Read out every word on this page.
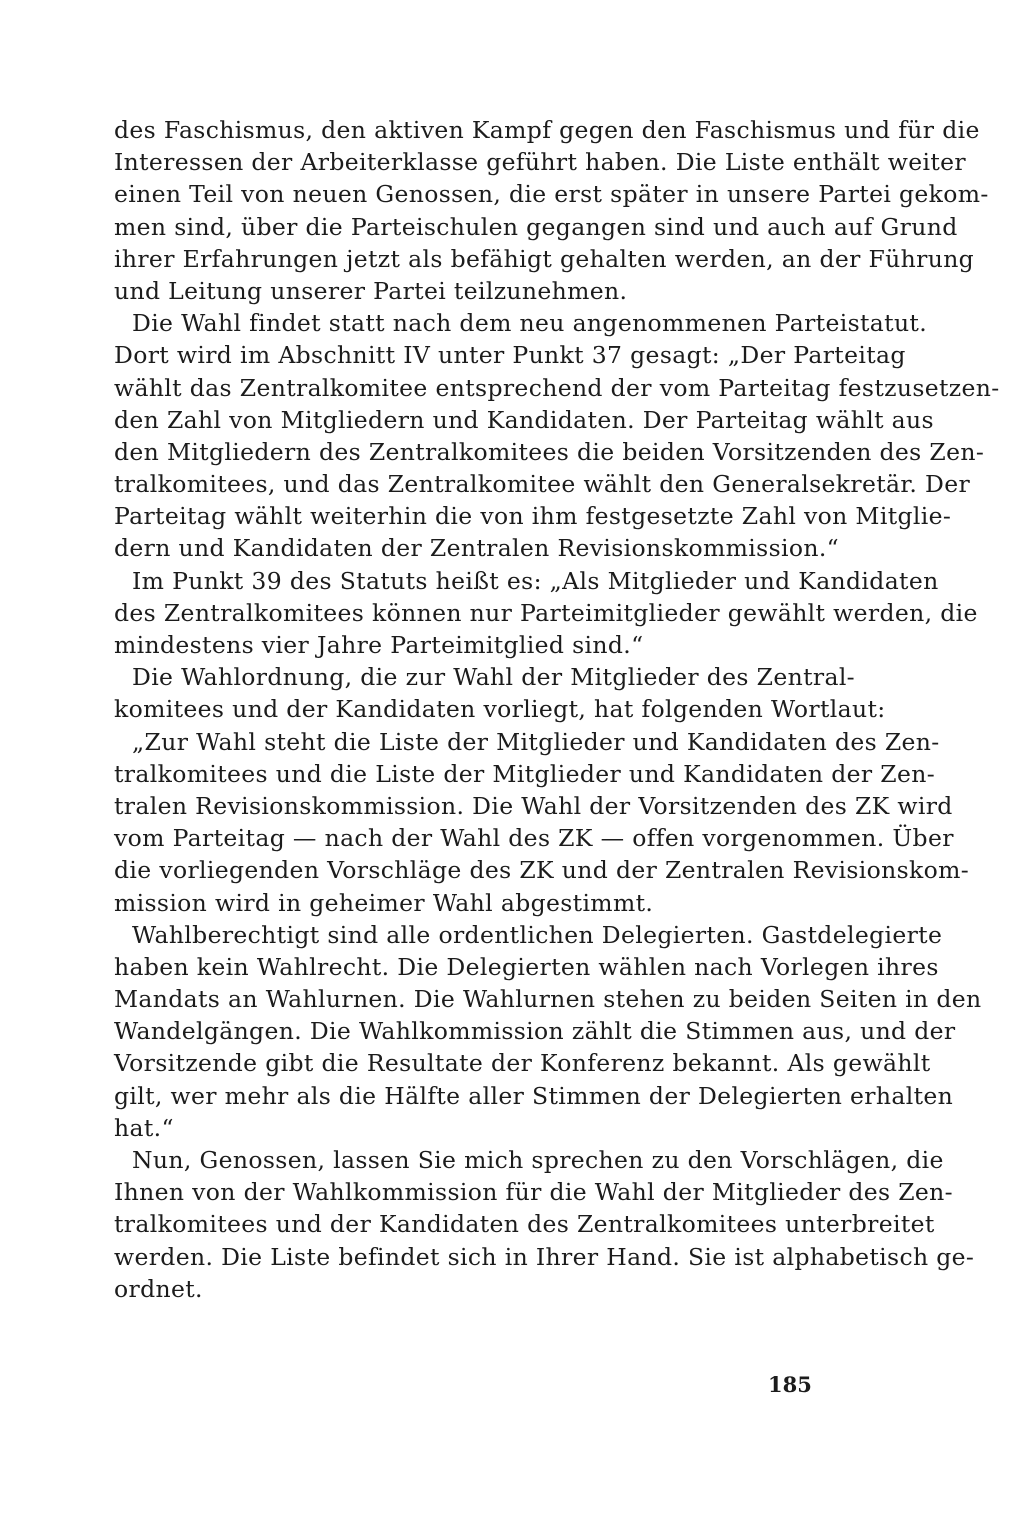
des Faschismus, den aktiven Kampf gegen den Faschismus und für die
Interessen der Arbeiterklasse geführt haben. Die Liste enthält weiter
einen Teil von neuen Genossen, die erst später in unsere Partei gekom-
men sind, über die Parteischulen gegangen sind und auch auf Grund
ihrer Erfahrungen jetzt als befähigt gehalten werden, an der Führung
und Leitung unserer Partei teilzunehmen.
Die Wahl findet statt nach dem neu angenommenen Parteistatut.
Dort wird im Abschnitt IV unter Punkt 37 gesagt: „Der Parteitag
wählt das Zentralkomitee entsprechend der vom Parteitag festzusetzen-
den Zahl von Mitgliedern und Kandidaten. Der Parteitag wählt aus
den Mitgliedern des Zentralkomitees die beiden Vorsitzenden des Zen-
tralkomitees, und das Zentralkomitee wählt den Generalsekretär. Der
Parteitag wählt weiterhin die von ihm festgesetzte Zahl von Mitglie-
dern und Kandidaten der Zentralen Revisionskommission.“
Im Punkt 39 des Statuts heißt es: „Als Mitglieder und Kandidaten
des Zentralkomitees können nur Parteimitglieder gewählt werden, die
mindestens vier Jahre Parteimitglied sind.“
Die Wahlordnung, die zur Wahl der Mitglieder des Zentral-
komitees und der Kandidaten vorliegt, hat folgenden Wortlaut:
„Zur Wahl steht die Liste der Mitglieder und Kandidaten des Zen-
tralkomitees und die Liste der Mitglieder und Kandidaten der Zen-
tralen Revisionskommission. Die Wahl der Vorsitzenden des ZK wird
vom Parteitag — nach der Wahl des ZK — offen vorgenommen. Über
die vorliegenden Vorschläge des ZK und der Zentralen Revisionskom-
mission wird in geheimer Wahl abgestimmt.
Wahlberechtigt sind alle ordentlichen Delegierten. Gastdelegierte
haben kein Wahlrecht. Die Delegierten wählen nach Vorlegen ihres
Mandats an Wahlurnen. Die Wahlurnen stehen zu beiden Seiten in den
Wandelgängen. Die Wahlkommission zählt die Stimmen aus, und der
Vorsitzende gibt die Resultate der Konferenz bekannt. Als gewählt
gilt, wer mehr als die Hälfte aller Stimmen der Delegierten erhalten
hat.“
Nun, Genossen, lassen Sie mich sprechen zu den Vorschlägen, die
Ihnen von der Wahlkommission für die Wahl der Mitglieder des Zen-
tralkomitees und der Kandidaten des Zentralkomitees unterbreitet
werden. Die Liste befindet sich in Ihrer Hand. Sie ist alphabetisch ge-
ordnet.
185
